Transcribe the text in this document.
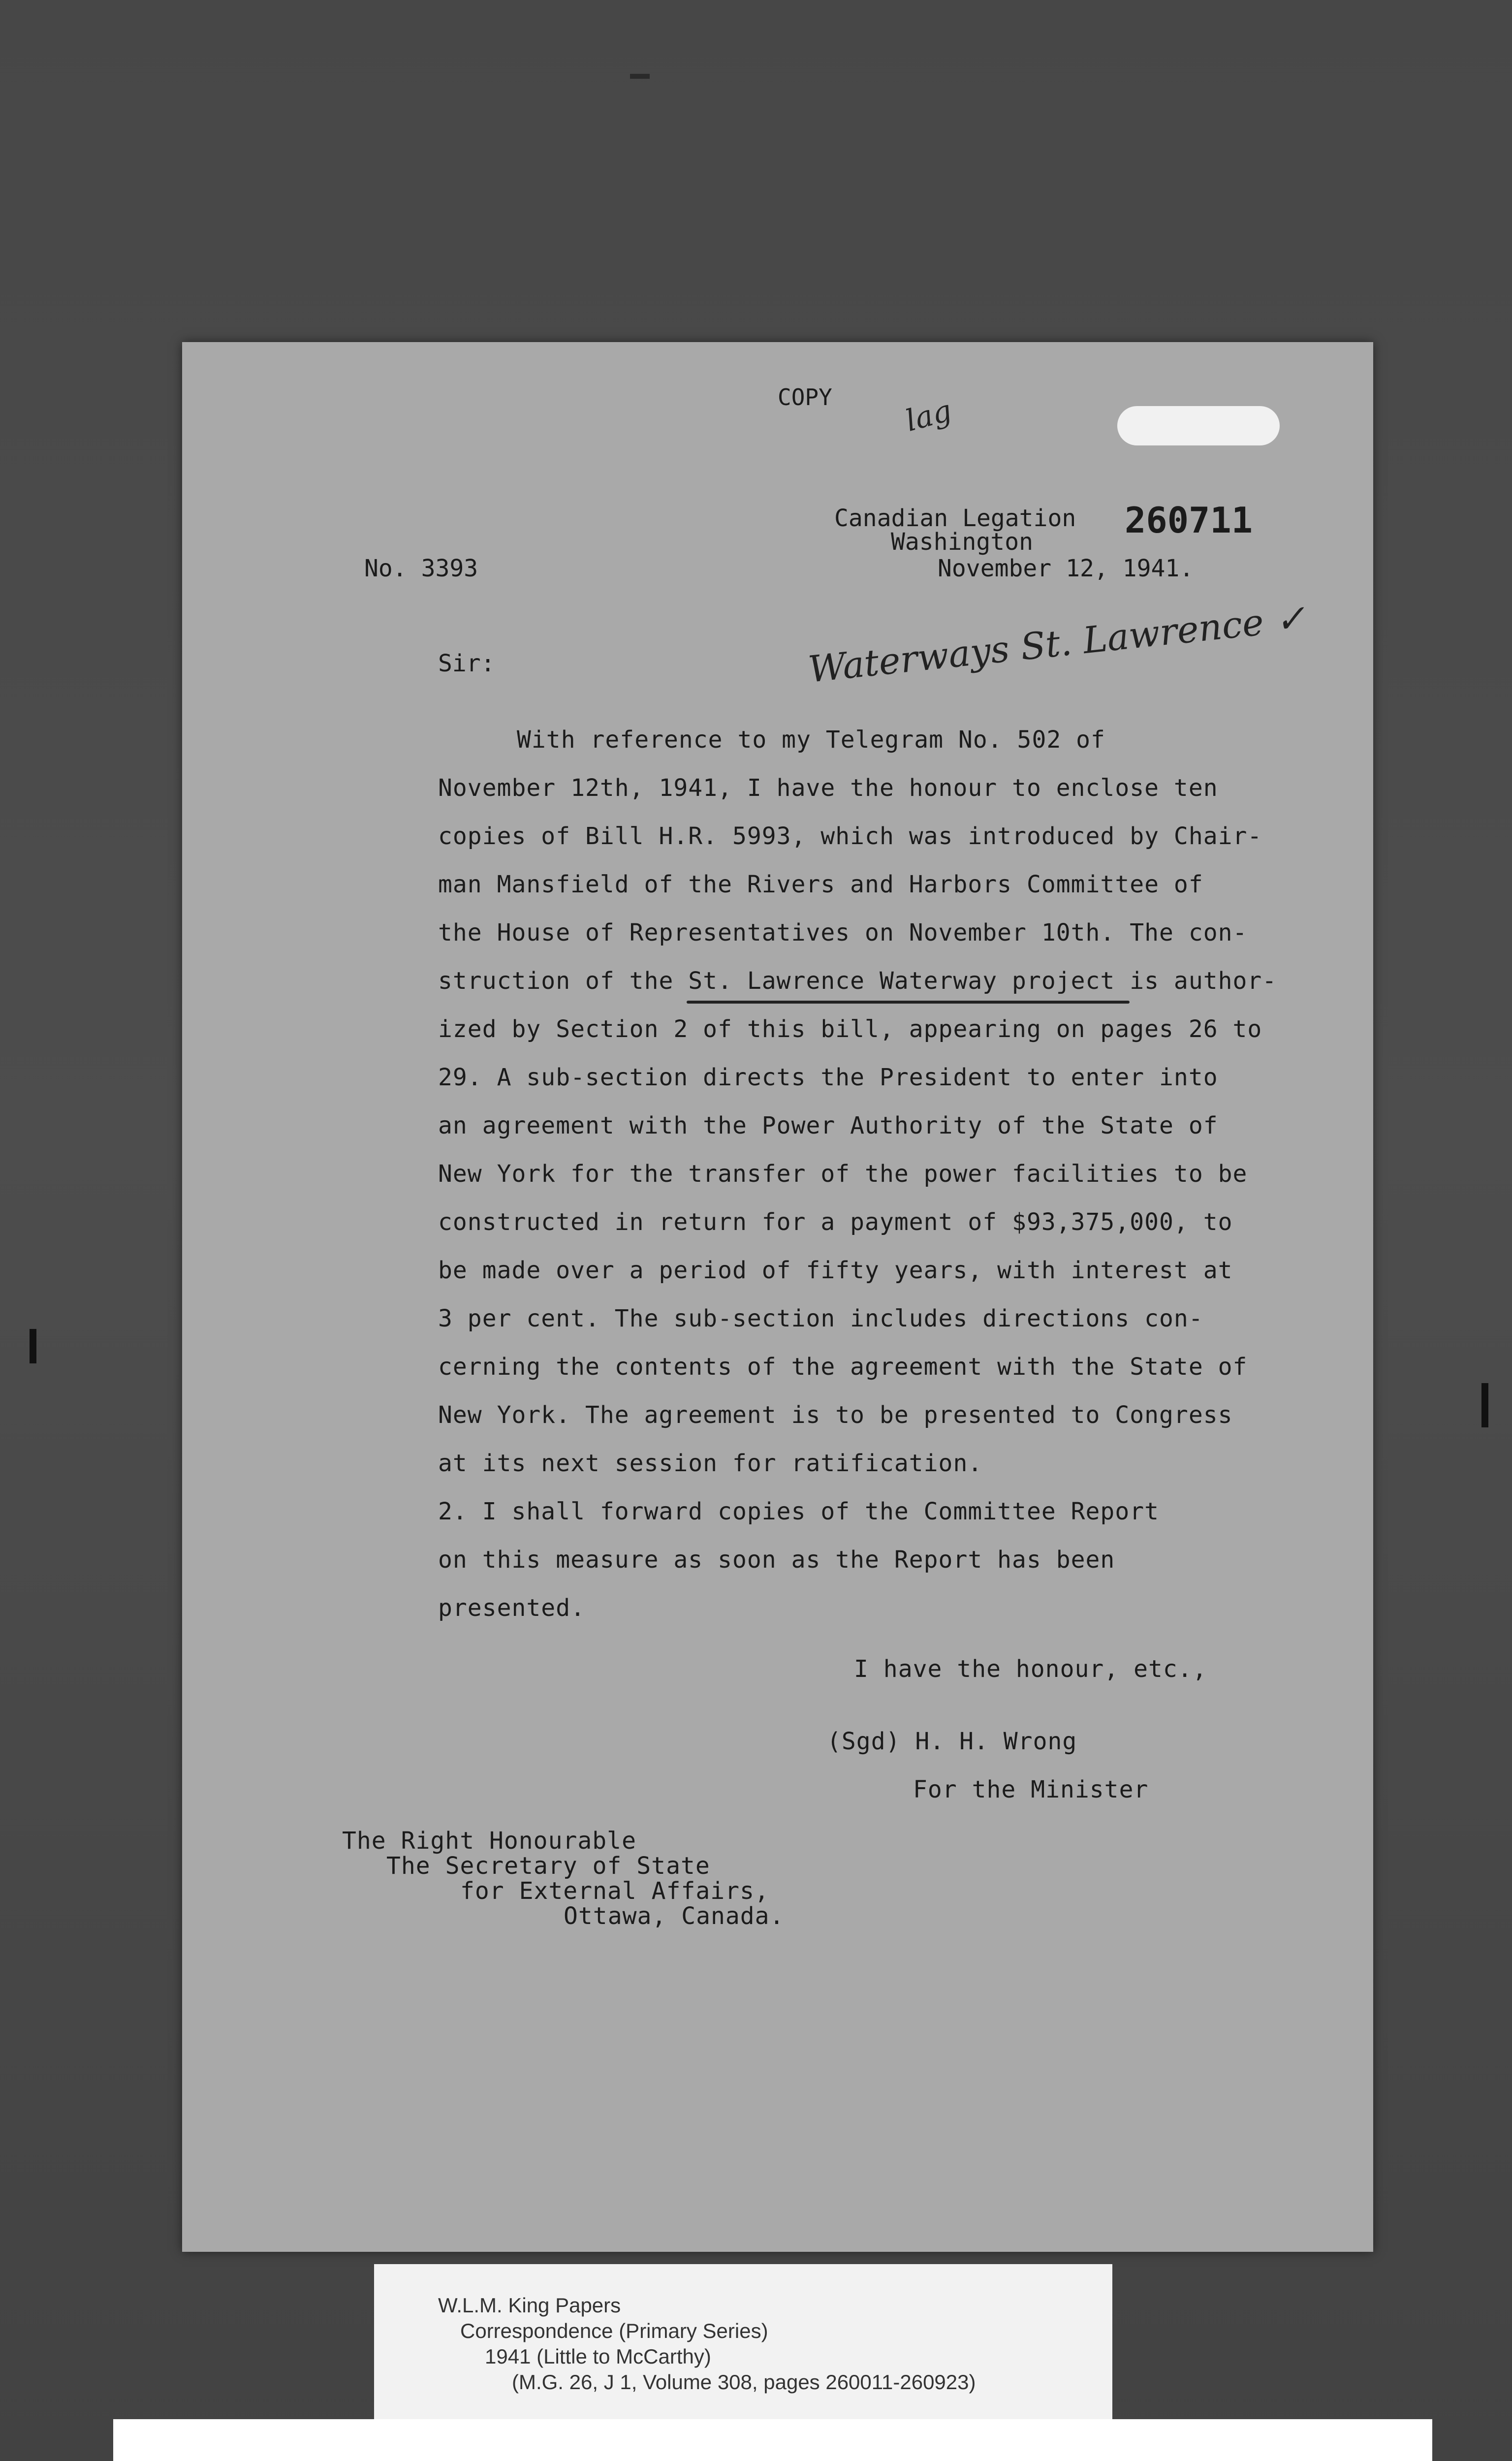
COPY lag
Canadian Legation
Washington
260711
No. 3393	November 12, 1941.
Sir:	Waterways St. Lawrence ✓
With reference to my Telegram No. 502 of
November 12th, 1941, I have the honour to enclose ten
copies of Bill H.R. 5993, which was introduced by Chair-
man Mansfield of the Rivers and Harbors Committee of
the House of Representatives on November 10th. The con-
struction of the St. Lawrence Waterway project is author-
ized by Section 2 of this bill, appearing on pages 26 to
29. A sub-section directs the President to enter into
an agreement with the Power Authority of the State of
New York for the transfer of the power facilities to be
constructed in return for a payment of $93,375,000, to
be made over a period of fifty years, with interest at
3 per cent. The sub-section includes directions con-
cerning the contents of the agreement with the State of
New York. The agreement is to be presented to Congress
at its next session for ratification.
2. I shall forward copies of the Committee Report
on this measure as soon as the Report has been
presented.
I have the honour, etc.,
(Sgd) H. H. Wrong
For the Minister
The Right Honourable
The Secretary of State
for External Affairs,
Ottawa, Canada.
W.L.M. King Papers
Correspondence (Primary Series)
1941 (Little to McCarthy)
(M.G. 26, J 1, Volume 308, pages 260011-260923)
